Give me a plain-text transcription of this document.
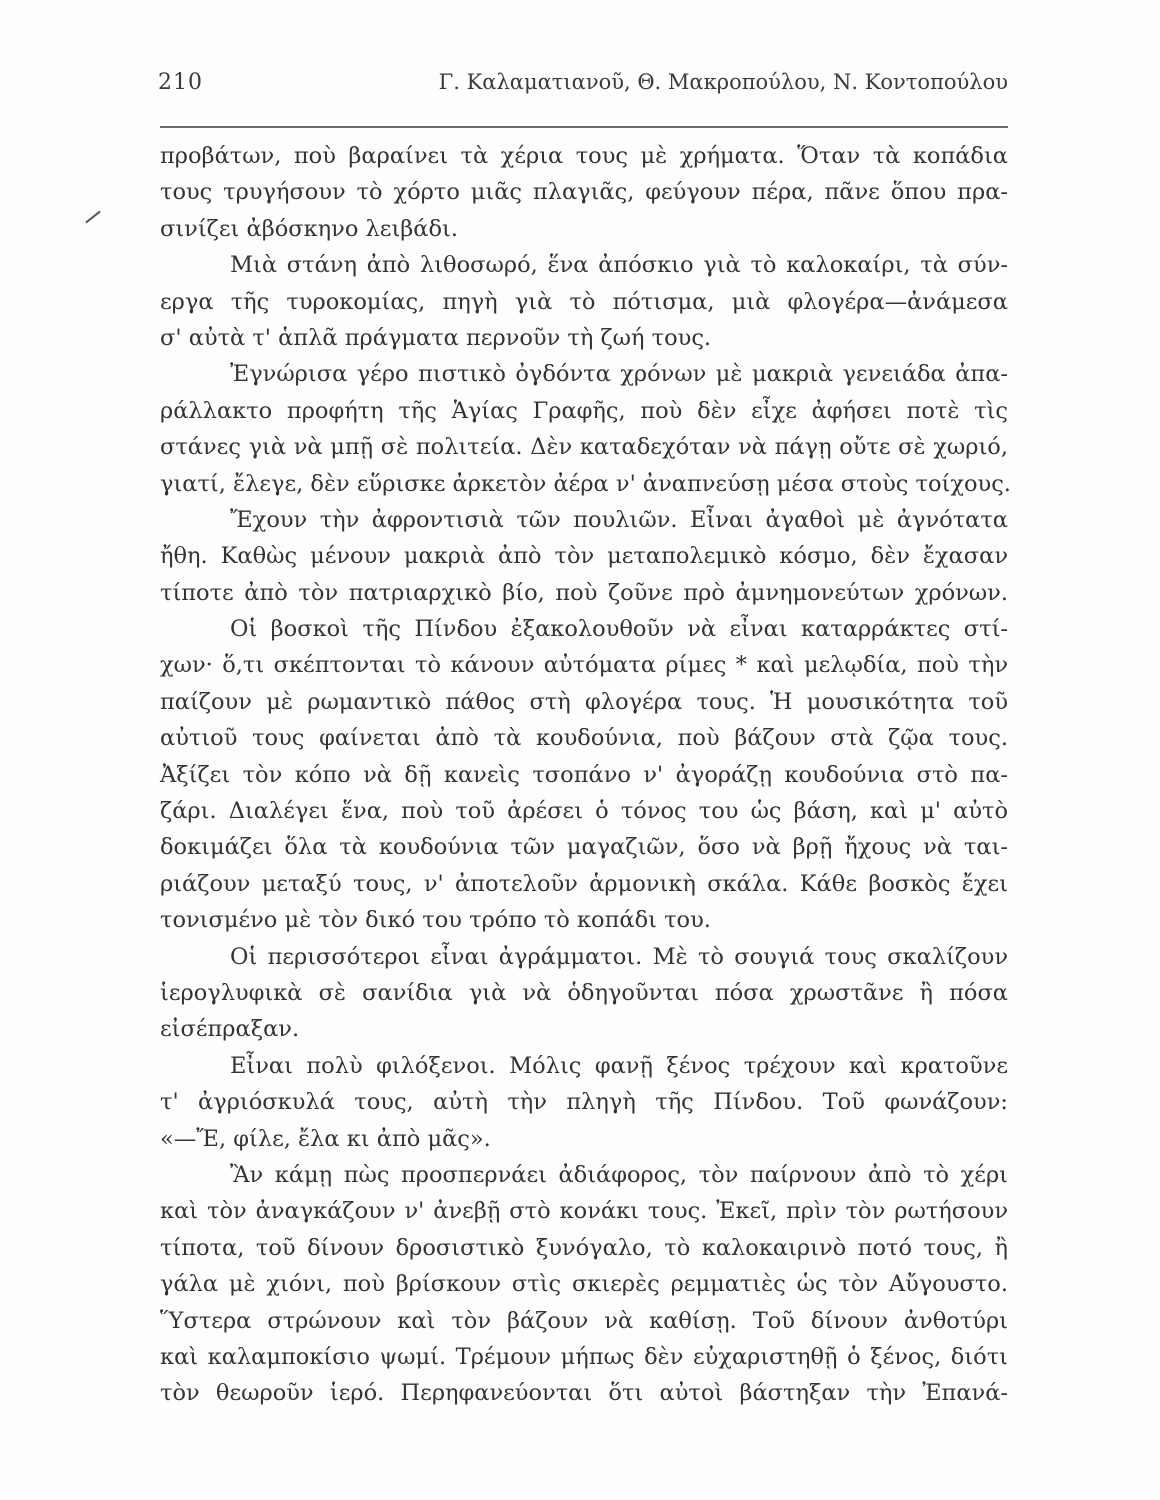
210	Γ. Καλαματιανοῦ, Θ. Μακροπούλου, Ν. Κοντοπούλου
προβάτων, ποὺ βαραίνει τὰ χέρια τους μὲ χρήματα. Ὅταν τὰ κοπάδια
τους τρυγήσουν τὸ χόρτο μιᾶς πλαγιᾶς, φεύγουν πέρα, πᾶνε ὅπου πρα-
σινίζει ἀβόσκηνο λειβάδι.
Μιὰ στάνη ἀπὸ λιθοσωρό, ἕνα ἀπόσκιο γιὰ τὸ καλοκαίρι, τὰ σύν-
εργα τῆς τυροκομίας, πηγὴ γιὰ τὸ πότισμα, μιὰ φλογέρα—ἀνάμεσα
σ' αὐτὰ τ' ἁπλᾶ πράγματα περνοῦν τὴ ζωή τους.
Ἐγνώρισα γέρο πιστικὸ ὀγδόντα χρόνων μὲ μακριὰ γενειάδα ἀπα-
ράλλακτο προφήτη τῆς Ἁγίας Γραφῆς, ποὺ δὲν εἶχε ἀφήσει ποτὲ τὶς
στάνες γιὰ νὰ μπῇ σὲ πολιτεία. Δὲν καταδεχόταν νὰ πάγῃ οὔτε σὲ χωριό,
γιατί, ἔλεγε, δὲν εὕρισκε ἀρκετὸν ἀέρα ν' ἀναπνεύσῃ μέσα στοὺς τοίχους.
Ἔχουν τὴν ἀφροντισιὰ τῶν πουλιῶν. Εἶναι ἀγαθοὶ μὲ ἀγνότατα
ἤθη. Καθὼς μένουν μακριὰ ἀπὸ τὸν μεταπολεμικὸ κόσμο, δὲν ἔχασαν
τίποτε ἀπὸ τὸν πατριαρχικὸ βίο, ποὺ ζοῦνε πρὸ ἀμνημονεύτων χρόνων.
Οἱ βοσκοὶ τῆς Πίνδου ἐξακολουθοῦν νὰ εἶναι καταρράκτες στί-
χων· ὅ,τι σκέπτονται τὸ κάνουν αὐτόματα ρίμες * καὶ μελῳδία, ποὺ τὴν
παίζουν μὲ ρωμαντικὸ πάθος στὴ φλογέρα τους. Ἡ μουσικότητα τοῦ
αὐτιοῦ τους φαίνεται ἀπὸ τὰ κουδούνια, ποὺ βάζουν στὰ ζῷα τους.
Ἀξίζει τὸν κόπο νὰ δῇ κανεὶς τσοπάνο ν' ἀγοράζῃ κουδούνια στὸ πα-
ζάρι. Διαλέγει ἕνα, ποὺ τοῦ ἀρέσει ὁ τόνος του ὡς βάση, καὶ μ' αὐτὸ
δοκιμάζει ὅλα τὰ κουδούνια τῶν μαγαζιῶν, ὅσο νὰ βρῇ ἤχους νὰ ται-
ριάζουν μεταξύ τους, ν' ἀποτελοῦν ἁρμονικὴ σκάλα. Κάθε βοσκὸς ἔχει
τονισμένο μὲ τὸν δικό του τρόπο τὸ κοπάδι του.
Οἱ περισσότεροι εἶναι ἀγράμματοι. Μὲ τὸ σουγιά τους σκαλίζουν
ἱερογλυφικὰ σὲ σανίδια γιὰ νὰ ὁδηγοῦνται πόσα χρωστᾶνε ἢ πόσα
εἰσέπραξαν.
Εἶναι πολὺ φιλόξενοι. Μόλις φανῇ ξένος τρέχουν καὶ κρατοῦνε
τ' ἀγριόσκυλά τους, αὐτὴ τὴν πληγὴ τῆς Πίνδου. Τοῦ φωνάζουν:
«—Ἔ, φίλε, ἔλα κι ἀπὸ μᾶς».
Ἂν κάμῃ πὼς προσπερνάει ἀδιάφορος, τὸν παίρνουν ἀπὸ τὸ χέρι
καὶ τὸν ἀναγκάζουν ν' ἀνεβῇ στὸ κονάκι τους. Ἐκεῖ, πρὶν τὸν ρωτήσουν
τίποτα, τοῦ δίνουν δροσιστικὸ ξυνόγαλο, τὸ καλοκαιρινὸ ποτό τους, ἢ
γάλα μὲ χιόνι, ποὺ βρίσκουν στὶς σκιερὲς ρεμματιὲς ὡς τὸν Αὔγουστο.
Ὕστερα στρώνουν καὶ τὸν βάζουν νὰ καθίσῃ. Τοῦ δίνουν ἀνθοτύρι
καὶ καλαμποκίσιο ψωμί. Τρέμουν μήπως δὲν εὐχαριστηθῇ ὁ ξένος, διότι
τὸν θεωροῦν ἱερό. Περηφανεύονται ὅτι αὐτοὶ βάστηξαν τὴν Ἐπανά-
